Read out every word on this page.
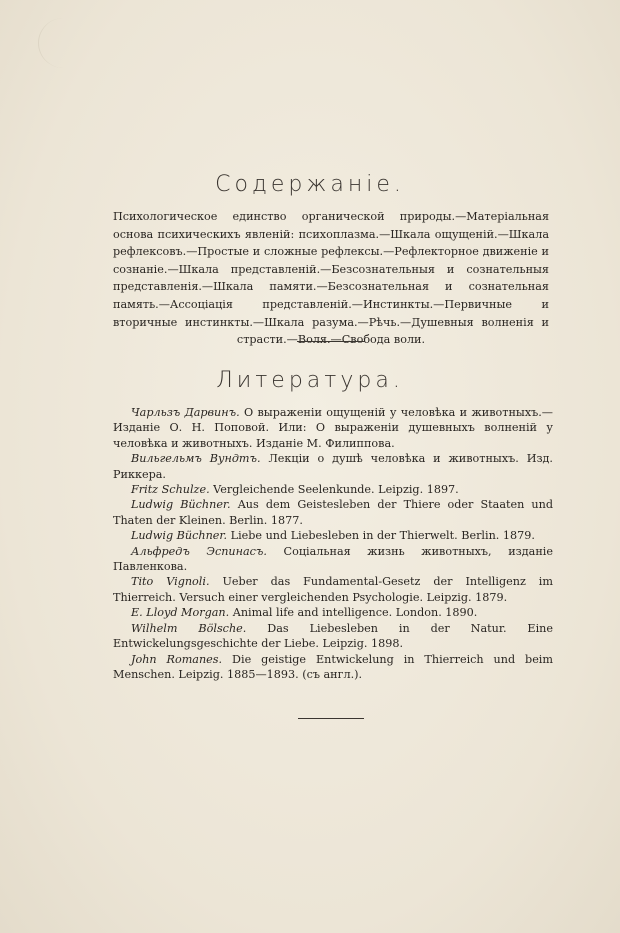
Содержаніе.
Психологическое единство органической природы.—Матеріальная основа психическихъ явленій: психоплазма.—Шкала ощущеній.—Шкала рефлексовъ.—Простые и сложные рефлексы.—Рефлекторное движеніе и сознаніе.—Шкала представленій.—Безсознательныя и сознательныя представленія.—Шкала памяти.—Безсознательная и сознательная память.—Ассоціація представленій.—Инстинкты.—Первичные и вторичные инстинкты.—Шкала разума.—Рѣчь.—Душевныя волненія и страсти.—Воля.—Свобода воли.
Литература.

Чарльзъ Дарвинъ. О выраженіи ощущеній у человѣка и животныхъ.—Изданіе О. Н. Поповой. Или: О выраженіи душевныхъ волненій у человѣка и животныхъ. Изданіе М. Филиппова.

Вильгельмъ Вундтъ. Лекціи о душѣ человѣка и животныхъ. Изд. Риккера.

Fritz Schulze. Vergleichende Seelenkunde. Leipzig. 1897.

Ludwig Büchner. Aus dem Geistesleben der Thiere oder Staaten und Thaten der Kleinen. Berlin. 1877.

Ludwig Büchner. Liebe und Liebesleben in der Thierwelt. Berlin. 1879.

Альфредъ Эспинасъ. Соціальная жизнь животныхъ, изданіе Павленкова.

Tito Vignoli. Ueber das Fundamental-Gesetz der Intelligenz im Thierreich. Versuch einer vergleichenden Psychologie. Leipzig. 1879.

E. Lloyd Morgan. Animal life and intelligence. London. 1890.

Wilhelm Bölsche. Das Liebesleben in der Natur. Eine Entwickelungsgeschichte der Liebe. Leipzig. 1898.

John Romanes. Die geistige Entwickelung in Thierreich und beim Menschen. Leipzig. 1885—1893. (съ англ.).
